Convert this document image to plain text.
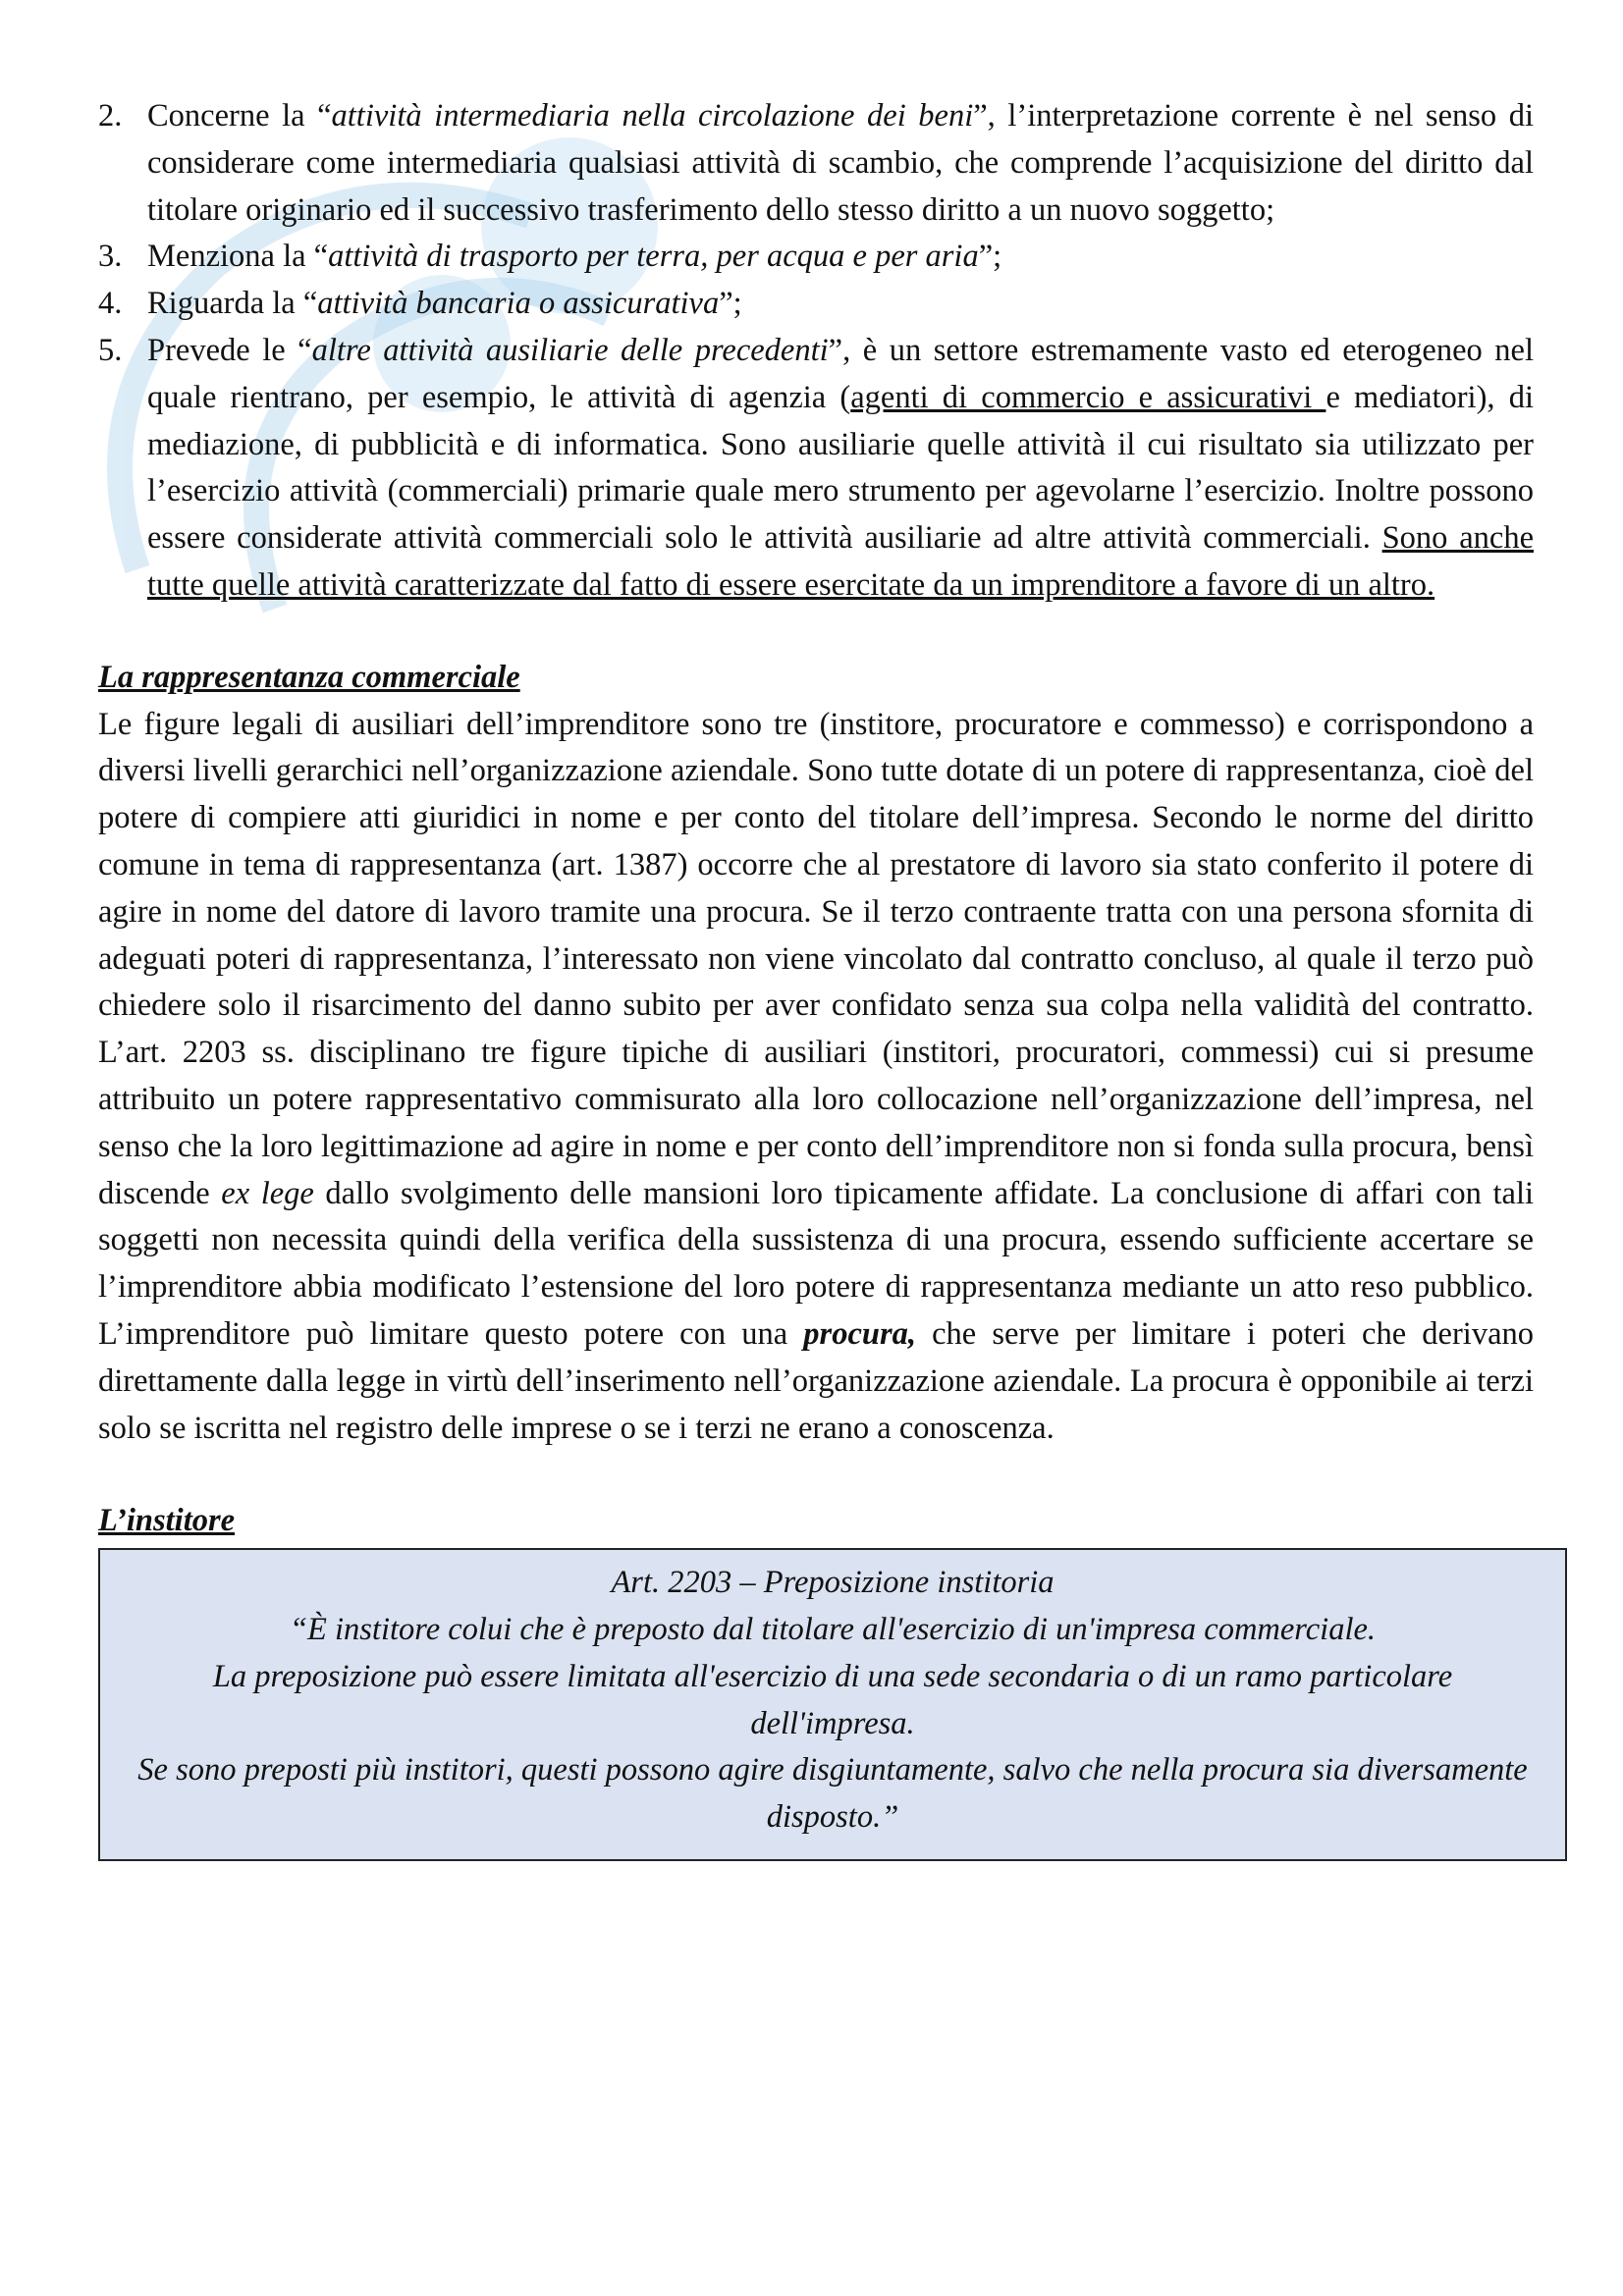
2. Concerne la “attività intermediaria nella circolazione dei beni”, l’interpretazione corrente è nel senso di considerare come intermediaria qualsiasi attività di scambio, che comprende l’acquisizione del diritto dal titolare originario ed il successivo trasferimento dello stesso diritto a un nuovo soggetto;
3. Menziona la “attività di trasporto per terra, per acqua e per aria”;
4. Riguarda la “attività bancaria o assicurativa”;
5. Prevede le “altre attività ausiliarie delle precedenti”, è un settore estremamente vasto ed eterogeneo nel quale rientrano, per esempio, le attività di agenzia (agenti di commercio e assicurativi e mediatori), di mediazione, di pubblicità e di informatica. Sono ausiliarie quelle attività il cui risultato sia utilizzato per l’esercizio attività (commerciali) primarie quale mero strumento per agevolarne l’esercizio. Inoltre possono essere considerate attività commerciali solo le attività ausiliarie ad altre attività commerciali. Sono anche tutte quelle attività caratterizzate dal fatto di essere esercitate da un imprenditore a favore di un altro.
La rappresentanza commerciale

Le figure legali di ausiliari dell’imprenditore sono tre (institore, procuratore e commesso) e corrispondono a diversi livelli gerarchici nell’organizzazione aziendale. Sono tutte dotate di un potere di rappresentanza, cioè del potere di compiere atti giuridici in nome e per conto del titolare dell’impresa. Secondo le norme del diritto comune in tema di rappresentanza (art. 1387) occorre che al prestatore di lavoro sia stato conferito il potere di agire in nome del datore di lavoro tramite una procura. Se il terzo contraente tratta con una persona sfornita di adeguati poteri di rappresentanza, l’interessato non viene vincolato dal contratto concluso, al quale il terzo può chiedere solo il risarcimento del danno subito per aver confidato senza sua colpa nella validità del contratto. L’art. 2203 ss. disciplinano tre figure tipiche di ausiliari (institori, procuratori, commessi) cui si presume attribuito un potere rappresentativo commisurato alla loro collocazione nell’organizzazione dell’impresa, nel senso che la loro legittimazione ad agire in nome e per conto dell’imprenditore non si fonda sulla procura, bensì discende ex lege dallo svolgimento delle mansioni loro tipicamente affidate. La conclusione di affari con tali soggetti non necessita quindi della verifica della sussistenza di una procura, essendo sufficiente accertare se l’imprenditore abbia modificato l’estensione del loro potere di rappresentanza mediante un atto reso pubblico. L’imprenditore può limitare questo potere con una procura, che serve per limitare i poteri che derivano direttamente dalla legge in virtù dell’inserimento nell’organizzazione aziendale. La procura è opponibile ai terzi solo se iscritta nel registro delle imprese o se i terzi ne erano a conoscenza.

L’institore
Art. 2203 – Preposizione institoria
“È institore colui che è preposto dal titolare all'esercizio di un'impresa commerciale.
La preposizione può essere limitata all'esercizio di una sede secondaria o di un ramo particolare dell'impresa.
Se sono preposti più institori, questi possono agire disgiuntamente, salvo che nella procura sia diversamente disposto.”
